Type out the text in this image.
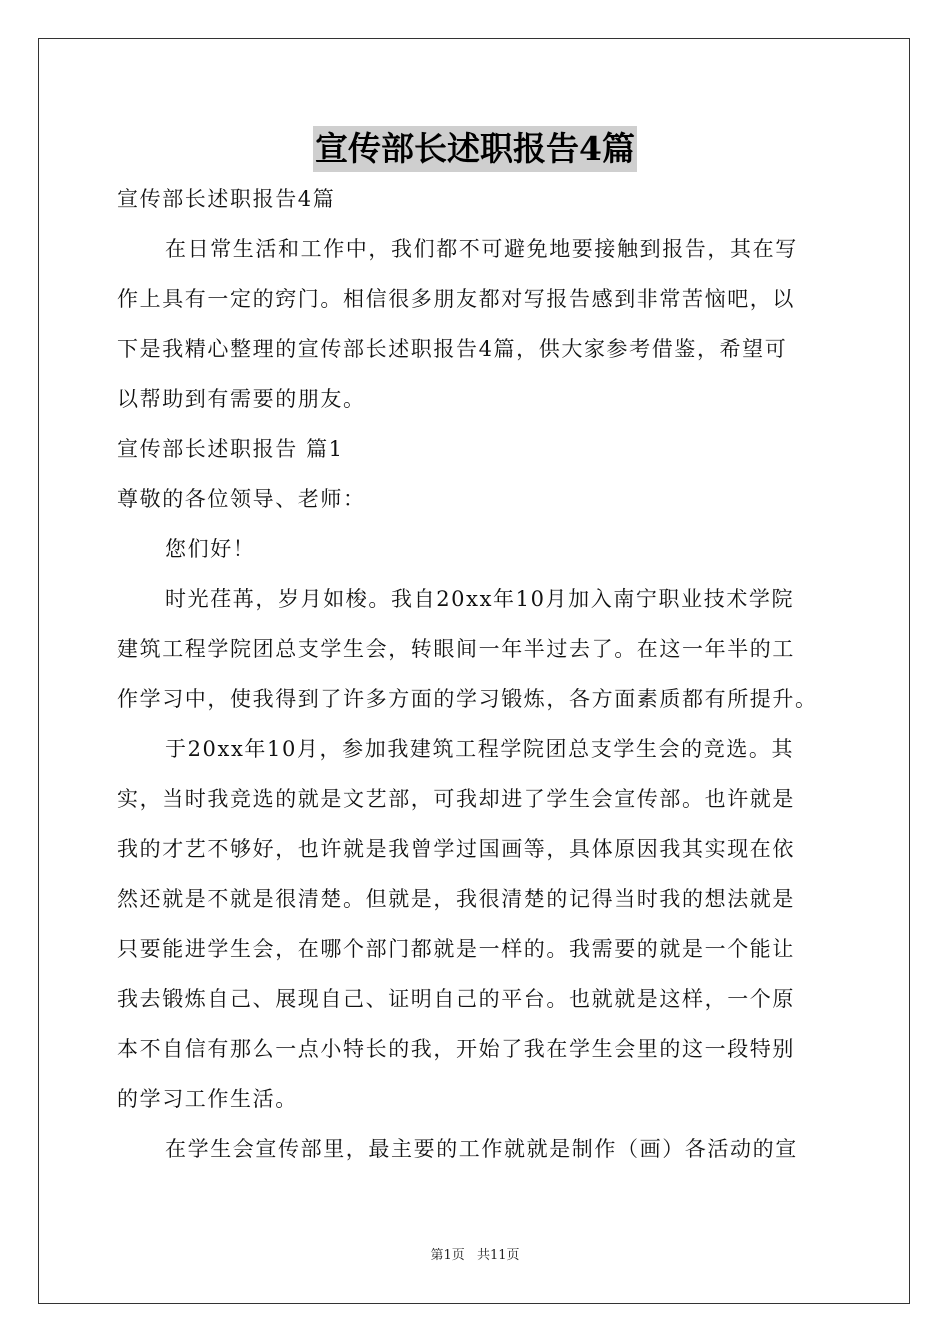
宣传部长述职报告4篇
宣传部长述职报告4篇
在日常生活和工作中，我们都不可避免地要接触到报告，其在写
作上具有一定的窍门。相信很多朋友都对写报告感到非常苦恼吧，以
下是我精心整理的宣传部长述职报告4篇，供大家参考借鉴，希望可
以帮助到有需要的朋友。
宣传部长述职报告 篇1
尊敬的各位领导、老师：
您们好！
时光荏苒，岁月如梭。我自20xx年10月加入南宁职业技术学院
建筑工程学院团总支学生会，转眼间一年半过去了。在这一年半的工
作学习中，使我得到了许多方面的学习锻炼，各方面素质都有所提升。
于20xx年10月，参加我建筑工程学院团总支学生会的竞选。其
实，当时我竞选的就是文艺部，可我却进了学生会宣传部。也许就是
我的才艺不够好，也许就是我曾学过国画等，具体原因我其实现在依
然还就是不就是很清楚。但就是，我很清楚的记得当时我的想法就是
只要能进学生会，在哪个部门都就是一样的。我需要的就是一个能让
我去锻炼自己、展现自己、证明自己的平台。也就就是这样，一个原
本不自信有那么一点小特长的我，开始了我在学生会里的这一段特别
的学习工作生活。
在学生会宣传部里，最主要的工作就就是制作（画）各活动的宣
第1页 共11页
